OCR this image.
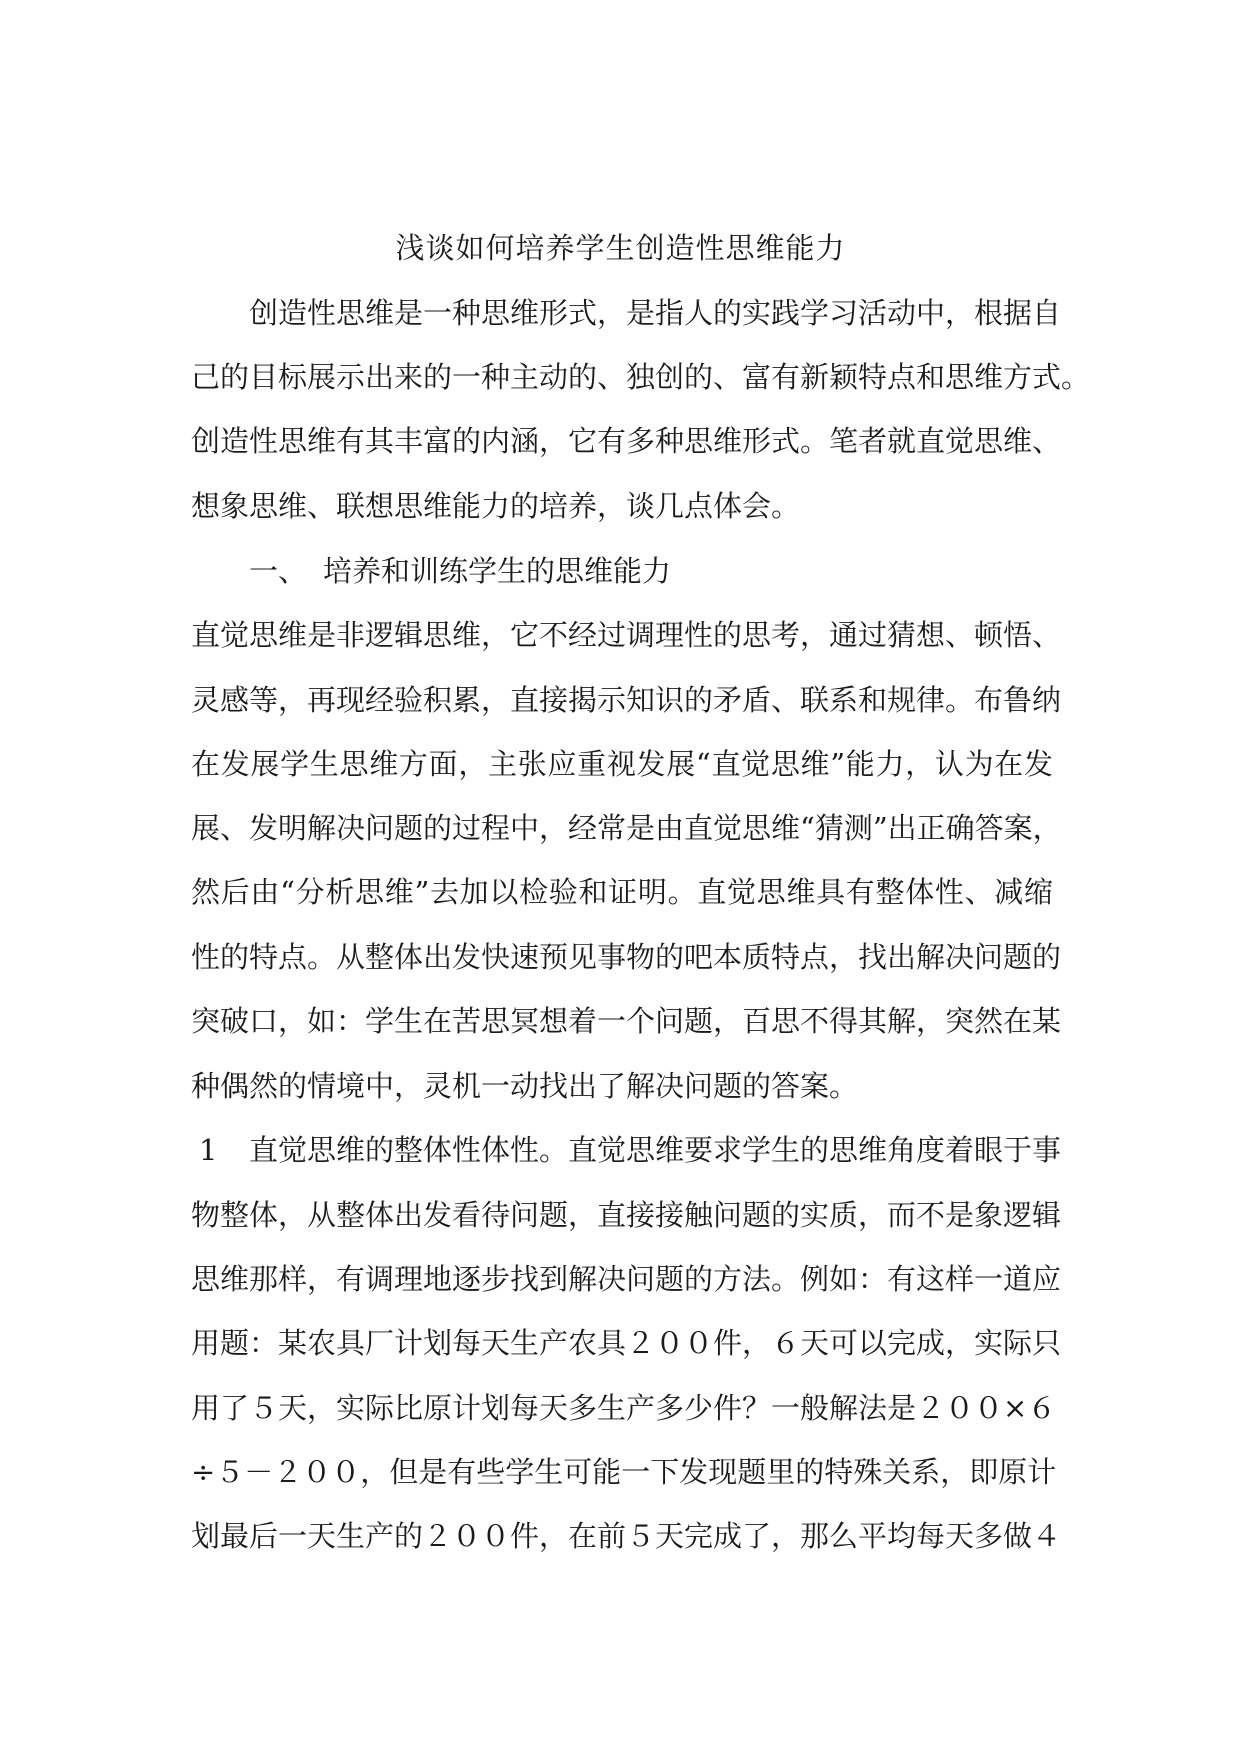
浅谈如何培养学生创造性思维能力
创造性思维是一种思维形式，是指人的实践学习活动中，根据自
己的目标展示出来的一种主动的、独创的、富有新颖特点和思维方式。
创造性思维有其丰富的内涵，它有多种思维形式。笔者就直觉思维、
想象思维、联想思维能力的培养，谈几点体会。
一、 培养和训练学生的思维能力
直觉思维是非逻辑思维，它不经过调理性的思考，通过猜想、顿悟、
灵感等，再现经验积累，直接揭示知识的矛盾、联系和规律。布鲁纳
在发展学生思维方面，主张应重视发展“直觉思维”能力，认为在发
展、发明解决问题的过程中，经常是由直觉思维“猜测”出正确答案，
然后由“分析思维”去加以检验和证明。直觉思维具有整体性、减缩
性的特点。从整体出发快速预见事物的吧本质特点，找出解决问题的
突破口，如：学生在苦思冥想着一个问题，百思不得其解，突然在某
种偶然的情境中，灵机一动找出了解决问题的答案。
1 直觉思维的整体性体性。直觉思维要求学生的思维角度着眼于事
物整体，从整体出发看待问题，直接接触问题的实质，而不是象逻辑
思维那样，有调理地逐步找到解决问题的方法。例如：有这样一道应
用题：某农具厂计划每天生产农具２００件，６天可以完成，实际只
用了５天，实际比原计划每天多生产多少件？一般解法是２００×６
÷５－２００，但是有些学生可能一下发现题里的特殊关系，即原计
划最后一天生产的２００件，在前５天完成了，那么平均每天多做４
